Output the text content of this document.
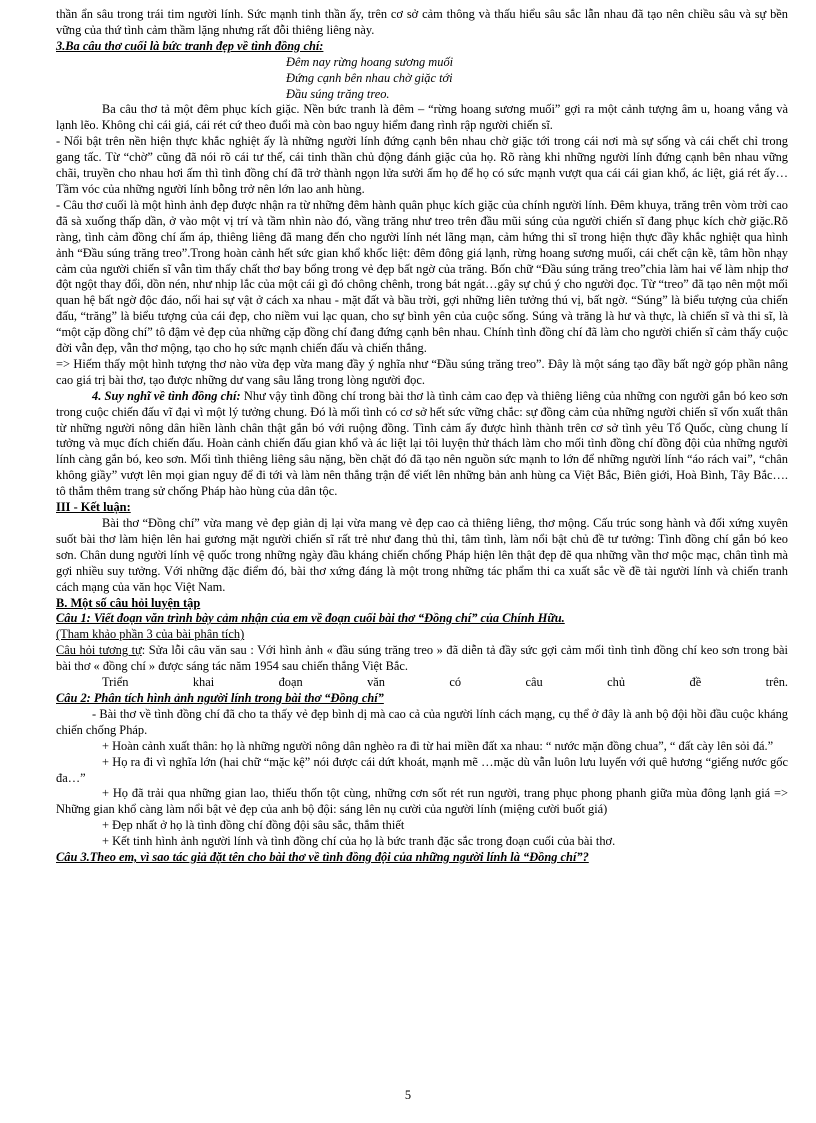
thần ẩn sâu trong trái tim người lính. Sức mạnh tinh thần ấy, trên cơ sở cảm thông và thấu hiểu sâu sắc lẫn nhau đã tạo nên chiều sâu và sự bền vững của thứ tình cảm thầm lặng nhưng rất đỗi thiêng liêng này.

3.Ba câu thơ cuối là bức tranh đẹp về tình đồng chí:

Đêm nay rừng hoang sương muối

Đứng cạnh bên nhau chờ giặc tới

Đầu súng trăng treo.

Ba câu thơ tả một đêm phục kích giặc. Nền bức tranh là đêm – “rừng hoang sương muối” gợi ra một cảnh tượng âm u, hoang vắng và lạnh lẽo. Không chỉ cái giá, cái rét cứ theo đuổi mà còn bao nguy hiểm đang rình rập người chiến sĩ.

- Nổi bật trên nền hiện thực khắc nghiệt ấy là những người lính đứng cạnh bên nhau chờ giặc tới trong cái nơi mà sự sống và cái chết chỉ trong gang tấc. Từ “chờ” cũng đã nói rõ cái tư thế, cái tinh thần chủ động đánh giặc của họ. Rõ ràng khi những người lính đứng cạnh bên nhau vững chãi, truyền cho nhau hơi ấm thì tình đồng chí đã trở thành ngọn lửa sưởi ấm họ để họ có sức mạnh vượt qua cái cái gian khổ, ác liệt, giá rét ấy… Tầm vóc của những người lính bỗng trở nên lớn lao anh hùng.

- Câu thơ cuối là một hình ảnh đẹp được nhận ra từ những đêm hành quân phục kích giặc của chính người lính. Đêm khuya, trăng trên vòm trời cao đã sà xuống thấp dần, ở vào một vị trí và tầm nhìn nào đó, vầng trăng như treo trên đầu mũi súng của người chiến sĩ đang phục kích chờ giặc.Rõ ràng, tình cảm đồng chí ấm áp, thiêng liêng đã mang đến cho người lính nét lãng mạn, cảm hứng thi sĩ trong hiện thực đầy khắc nghiệt qua hình ảnh “Đầu súng trăng treo”.Trong hoàn cảnh hết sức gian khổ khốc liệt: đêm đông giá lạnh, rừng hoang sương muối, cái chết cận kề, tâm hồn nhạy cảm của người chiến sĩ vẫn tìm thấy chất thơ bay bổng trong vẻ đẹp bất ngờ của trăng. Bốn chữ “Đầu súng trăng treo”chia làm hai vế làm nhịp thơ đột ngột thay đổi, dồn nén, như nhịp lắc của một cái gì đó chông chênh, trong bát ngát…gây sự chú ý cho người đọc. Từ “treo” đã tạo nên một mối quan hệ bất ngờ độc đáo, nối hai sự vật ở cách xa nhau - mặt đất và bầu trời, gợi những liên tưởng thú vị, bất ngờ. “Súng” là biểu tượng của chiến đấu, “trăng” là biểu tượng của cái đẹp, cho niềm vui lạc quan, cho sự bình yên của cuộc sống. Súng và trăng là hư và thực, là chiến sĩ và thi sĩ, là “một cặp đồng chí” tô đậm vẻ đẹp của những cặp đồng chí đang đứng cạnh bên nhau. Chính tình đồng chí đã làm cho người chiến sĩ cảm thấy cuộc đời vẫn đẹp, vẫn thơ mộng, tạo cho họ sức mạnh chiến đấu và chiến thắng.

=> Hiếm thấy một hình tượng thơ nào vừa đẹp vừa mang đầy ý nghĩa như “Đầu súng trăng treo”. Đây là một sáng tạo đầy bất ngờ góp phần nâng cao giá trị bài thơ, tạo được những dư vang sâu lắng trong lòng người đọc.

4. Suy nghĩ về tình đồng chí: Như vậy tình đồng chí trong bài thơ là tình cảm cao đẹp và thiêng liêng của những con người gắn bó keo sơn trong cuộc chiến đấu vĩ đại vì một lý tưởng chung. Đó là mối tình có cơ sở hết sức vững chắc: sự đồng cảm của những người chiến sĩ vốn xuất thân từ những người nông dân hiền lành chân thật gắn bó với ruộng đồng. Tình cảm ấy được hình thành trên cơ sở tình yêu Tổ Quốc, cùng chung lí tưởng và mục đích chiến đấu. Hoàn cảnh chiến đấu gian khổ và ác liệt lại tôi luyện thử thách làm cho mối tình đồng chí đồng đội của những người lính càng gắn bó, keo sơn. Mối tình thiêng liêng sâu nặng, bền chặt đó đã tạo nên nguồn sức mạnh to lớn để những người lính “áo rách vai”, “chân không giầy” vượt lên mọi gian nguy để đi tới và làm nên thắng trận để viết lên những bản anh hùng ca Việt Bắc, Biên giới, Hoà Bình, Tây Bắc…. tô thắm thêm trang sử chống Pháp hào hùng của dân tộc.

III - Kết luận:

Bài thơ “Đồng chí” vừa mang vẻ đẹp giản dị lại vừa mang vẻ đẹp cao cả thiêng liêng, thơ mộng. Cấu trúc song hành và đối xứng xuyên suốt bài thơ làm hiện lên hai gương mặt người chiến sĩ rất trẻ như đang thủ thỉ, tâm tình, làm nổi bật chủ đề tư tưởng: Tình đồng chí gắn bó keo sơn. Chân dung người lính vệ quốc trong những ngày đầu kháng chiến chống Pháp hiện lên thật đẹp đẽ qua những vần thơ mộc mạc, chân tình mà gợi nhiều suy tưởng. Với những đặc điểm đó, bài thơ xứng đáng là một trong những tác phẩm thi ca xuất sắc về đề tài người lính và chiến tranh cách mạng của văn học Việt Nam.

B. Một số câu hỏi luyện tập

Câu 1: Viết đoạn văn trình bày cảm nhận của em về đoạn cuối bài thơ “Đồng chí” của Chính Hữu.

(Tham khảo phần 3 của bài phân tích)

Câu hỏi tương tự: Sửa lỗi câu văn sau : Với hình ảnh « đầu súng trăng treo » đã diễn tả đầy sức gợi cảm mối tình tình đồng chí keo sơn trong bài bài thơ « đồng chí » được sáng tác năm 1954 sau chiến thắng Việt Bắc.

Triển khai đoạn văn có câu chủ đề trên.

Câu 2: Phân tích hình ảnh người lính trong bài thơ “Đồng chí”

- Bài thơ về tình đồng chí đã cho ta thấy vẻ đẹp bình dị mà cao cả của người lính cách mạng, cụ thể ở đây là anh bộ đội hồi đầu cuộc kháng chiến chống Pháp.

+ Hoàn cảnh xuất thân: họ là những người nông dân nghèo ra đi từ hai miền đất xa nhau: “ nước mặn đồng chua”, “ đất cày lên sỏi đá.”

+ Họ ra đi vì nghĩa lớn (hai chữ “mặc kệ” nói được cái dứt khoát, mạnh mẽ …mặc dù vẫn luôn lưu luyến với quê hương “giếng nước gốc đa…”

+ Họ đã trải qua những gian lao, thiếu thốn tột cùng, những cơn sốt rét run người, trang phục phong phanh giữa mùa đông lạnh giá => Những gian khổ càng làm nổi bật vẻ đẹp của anh bộ đội: sáng lên nụ cười của người lính (miệng cười buốt giá)

+ Đẹp nhất ở họ là tình đồng chí đồng đội sâu sắc, thắm thiết

+ Kết tinh hình ảnh người lính và tình đồng chí của họ là bức tranh đặc sắc trong đoạn cuối của bài thơ.

Câu 3.Theo em, vì sao tác giả đặt tên cho bài thơ về tình đồng đội của những người lính là “Đồng chí”?

5
